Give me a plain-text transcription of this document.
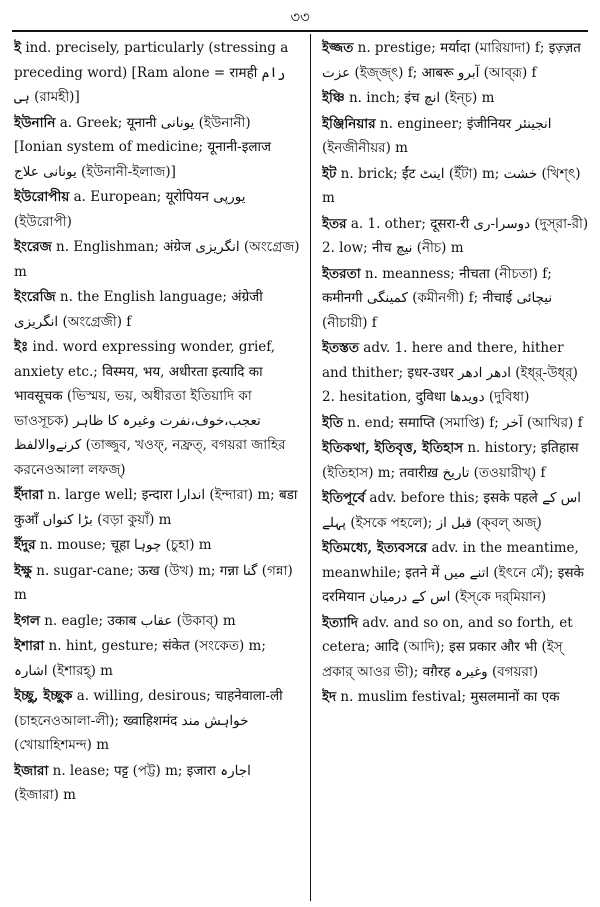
৩৩
ই ind. precisely, particularly (stressing a preceding word) [Ram alone = रामही رام ہی (রামহী)]
ইউনানি a. Greek; यूनानी یونانی (ইউনানী) [Ionian system of medicine; यूनानी-इलाज یونانی علاج (ইউনানী-ইলাজ)]
ইউরোপীয় a. European; यूरोपियन یورپی (ইউরোপী)
ইংরেজ n. Englishman; अंग्रेज انگریزی (অংগ্রেজ) m
ইংরেজি n. the English language; अंग्रेजी انگریزی (অংগ্রেজী) f
ইঃ ind. word expressing wonder, grief, anxiety etc.; विस्मय, भय, अधीरता इत्यादि का भावसूचक (ভিস্ময়, ভয়, অধীরতা ইতিয়াদি কা ভাওসূচক) تعجب،خوف،نفرت وغیرہ کا ظاہر کرنےوالالفظ (তাজ্জুব, খওফ্, নফ্রত্, বগয়রা জাহির করনেওআলা লফজ্)
ইঁদারা n. large well; इन्दारा اندارا (ইন্দারা) m; बडा कुआँ بڑا کنواں (বড়া কুয়াঁ) m
ইঁদুর n. mouse; चूहा چوہا (চুহা) m
ইক্ষু n. sugar-cane; ऊख (উখ) m; गन्ना گنا (গন্না) m
ইগল n. eagle; उकाब عقاب (উকাব্) m
ইশারা n. hint, gesture; संकेत (সংকেত) m; اشارہ (ইশারহ্) m
ইচ্ছু, ইচ্ছুক a. willing, desirous; चाहनेवाला-ली (চাহনেওআলা-লী); ख्वाहिशमंद خواہش مند (খোয়াহিশমন্দ) m
ইজারা n. lease; पट्ट (পট্ট) m; इजारा اجارہ (ইজারা) m
ইজ্জত n. prestige; मर्यादा (মারিয়াদা) f; इज़्ज़त عزت (ইজ্জ্‌ৎ) f; आबरू آبرو (আব্‌রূ) f
ইঞ্চি n. inch; इंच انچ (ইন্‌চ) m
ইঞ্জিনিয়ার n. engineer; इंजीनियर انجینئر (ইনজীনীয়র) m
ইট n. brick; ईंट اینٹ (ইঁটা) m; خشت (খিশ্‌ৎ) m
ইতর a. 1. other; दूसरा-री دوسرا-ری (দুস্‌রা-রী) 2. low; नीच نیچ (নীচ) m
ইতরতা n. meanness; नीचता (নীচতা) f; कमीनगी کمینگی (কমীনগী) f; नीचाई نیچائی (নীচায়ী) f
ইতস্তত adv. 1. here and there, hither and thither; इधर-उधर ادھر ادھر (ইধ্‌র্‌-উধ্‌র্‌) 2. hesitation, दुविधा دویدھا (দুবিধা)
ইতি n. end; समाप्ति (সমাপ্তি) f; آخر (আখির) f
ইতিকথা, ইতিবৃত্ত, ইতিহাস n. history; इतिहास (ইতিহাস) m; तवारीख़ تاریخ (তওয়ারীখ্‌) f
ইতিপূর্বে adv. before this; इसके पहले اس کے پہلے (ইসকে পহলে); قبل از (ক্‌বল্‌ অজ্‌)
ইতিমধ্যে, ইত্যবসরে adv. in the meantime, meanwhile; इतने में اتنے میں (ইৎনে মেঁ); इसके दरमियान اس کے درمیان (ইস্‌কে দর্‌মিয়ান)
ইত্যাদি adv. and so on, and so forth, et cetera; आदि (আদি); इस प्रकार और भी (ইস্‌ প্রকার্‌ আওর ভী); वग़ैरह وغیرہ (বগয়রা)
ইদ n. muslim festival; मुसलमानों का एक
